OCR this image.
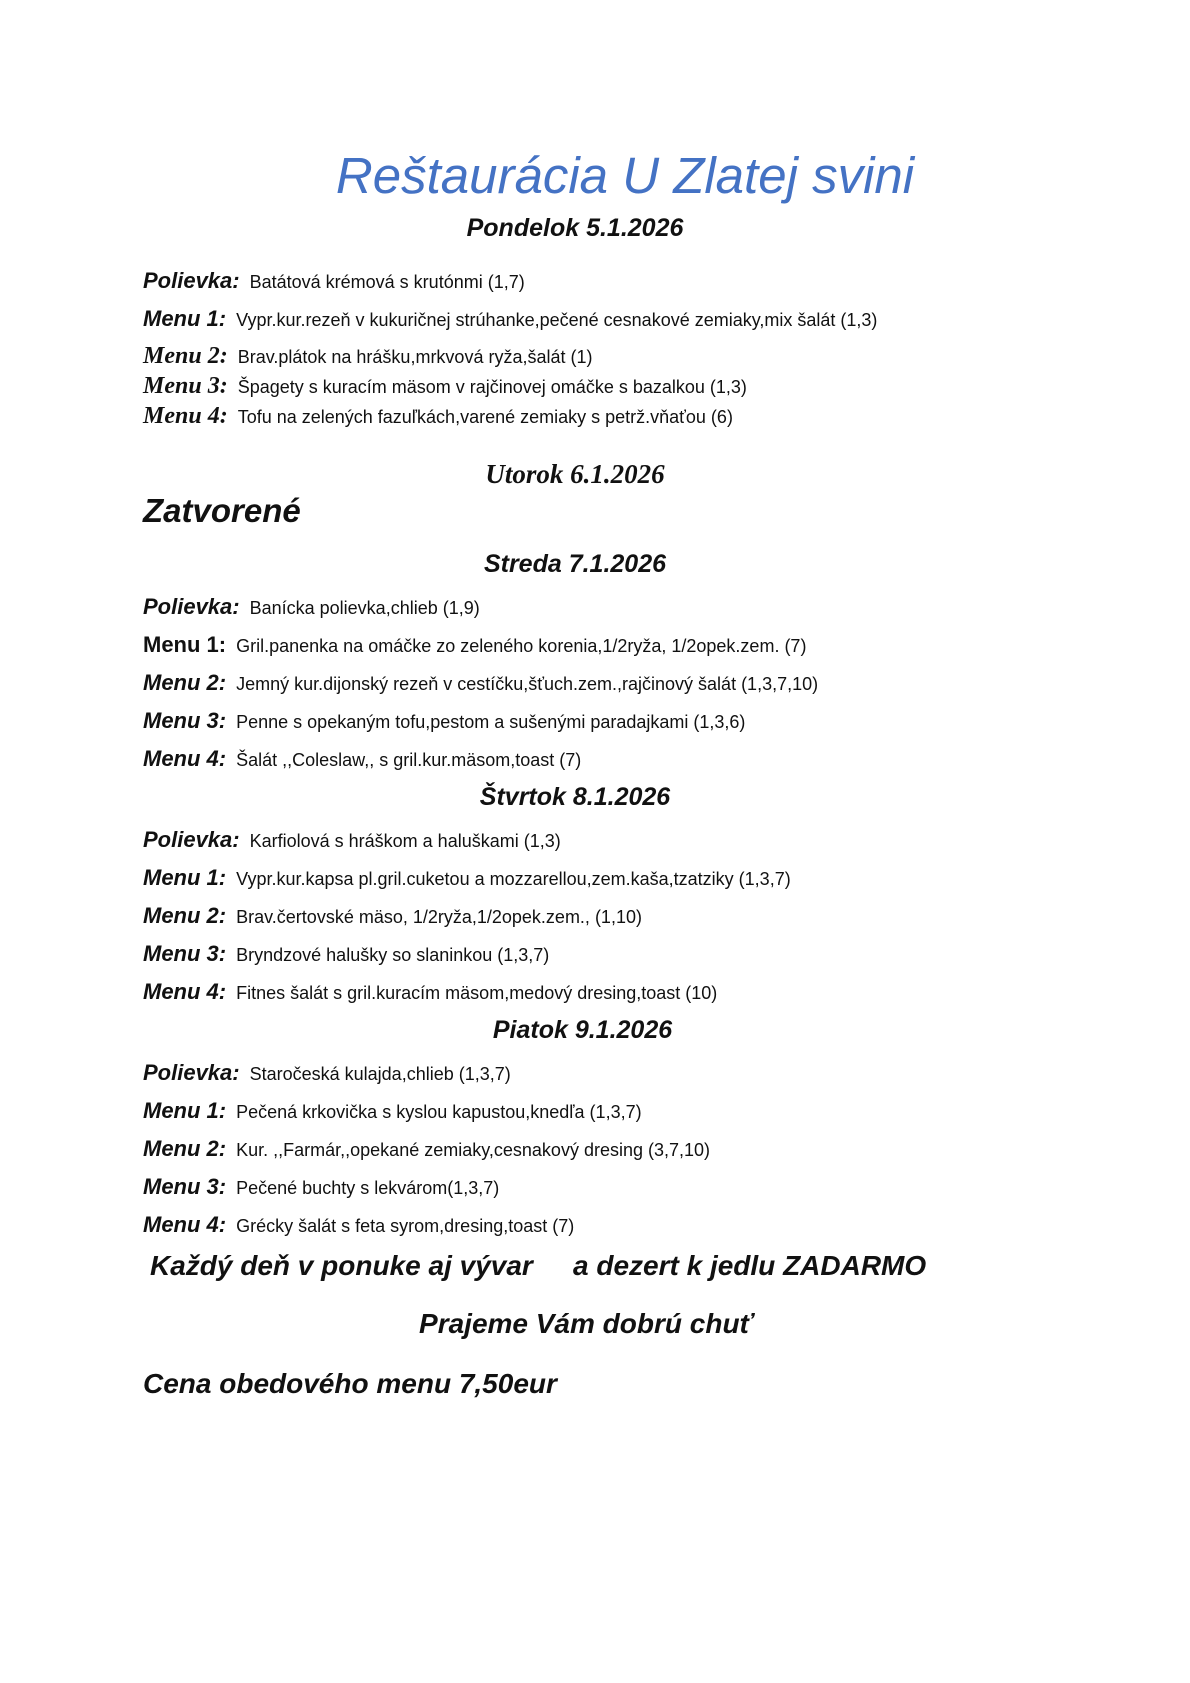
Reštaurácia U Zlatej svini
Pondelok 5.1.2026
Polievka: Batátová krémová s krutónmi (1,7)
Menu 1: Vypr.kur.rezeň v kukuričnej strúhanke,pečené cesnakové zemiaky,mix šalát (1,3)
Menu 2: Brav.plátok na hrášku,mrkvová ryža,šalát (1)
Menu 3: Špagety s kuracím mäsom v rajčinovej omáčke s bazalkou (1,3)
Menu 4: Tofu na zelených fazuľkách,varené zemiaky s petrž.vňaťou (6)
Utorok 6.1.2026
Zatvorené
Streda 7.1.2026
Polievka: Banícka polievka,chlieb (1,9)
Menu 1: Gril.panenka na omáčke zo zeleného korenia,1/2ryža, 1/2opek.zem. (7)
Menu 2: Jemný kur.dijonský rezeň v cestíčku,šťuch.zem.,rajčinový šalát (1,3,7,10)
Menu 3: Penne s opekaným tofu,pestom a sušenými paradajkami (1,3,6)
Menu 4: Šalát ,,Coleslaw,, s gril.kur.mäsom,toast (7)
Štvrtok 8.1.2026
Polievka: Karfiolová s hráškom a haluškami (1,3)
Menu 1: Vypr.kur.kapsa pl.gril.cuketou a mozzarellou,zem.kaša,tzatziky (1,3,7)
Menu 2: Brav.čertovské mäso, 1/2ryža,1/2opek.zem., (1,10)
Menu 3: Bryndzové halušky so slaninkou (1,3,7)
Menu 4: Fitnes šalát s gril.kuracím mäsom,medový dresing,toast (10)
Piatok 9.1.2026
Polievka: Staročeská kulajda,chlieb (1,3,7)
Menu 1: Pečená krkovička s kyslou kapustou,knedľa (1,3,7)
Menu 2: Kur. ,,Farmár,,opekané zemiaky,cesnakový dresing (3,7,10)
Menu 3: Pečené buchty s lekvárom(1,3,7)
Menu 4: Grécky šalát s feta syrom,dresing,toast (7)
Každý deň v ponuke aj vývar a dezert k jedlu ZADARMO
Prajeme Vám dobrú chuť
Cena obedového menu 7,50eur
